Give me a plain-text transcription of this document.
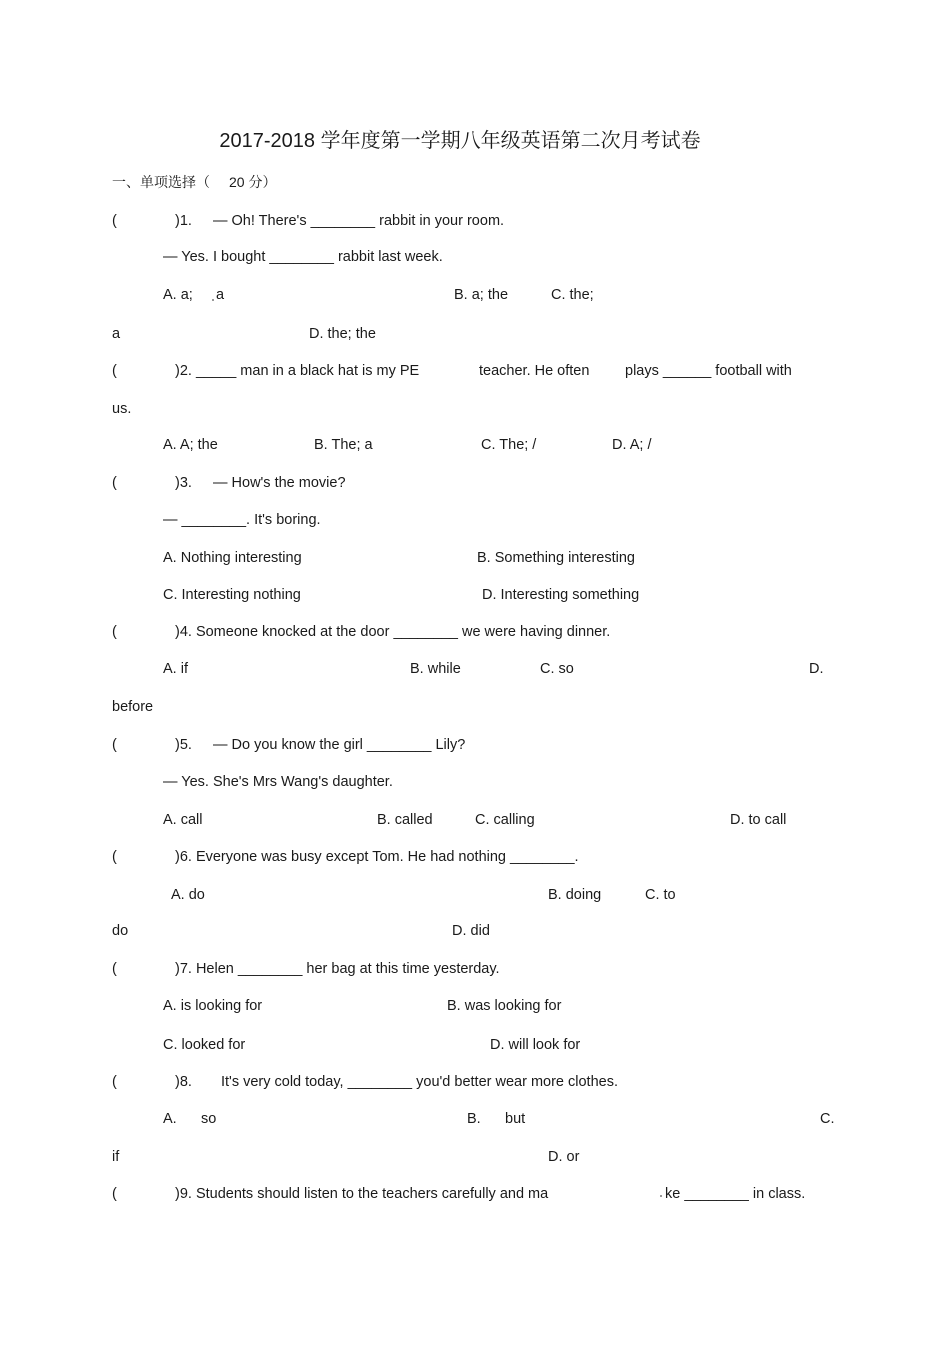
2017-2018 学年度第一学期八年级英语第二次月考试卷
一、单项选择（ 20 分）
(	)1. — Oh! There's ________ rabbit in your room.
— Yes. I bought ________ rabbit last week.
A. a; a	B. a; the	C. the;
a	D. the; the
(	)2. _____ man in a black hat is my PE	teacher. He often plays ______ football with
us.
A. A; the	B. The; a	C. The; /	D. A; /
(	)3. — How's the movie?
— ________. It's boring.
A. Nothing interesting	B. Something interesting
C. Interesting nothing	D. Interesting something
(	)4. Someone knocked at the door ________ we were having dinner.
A. if	B. while	C. so	D.
before
(	)5. — Do you know the girl ________ Lily?
— Yes. She's Mrs Wang's daughter.
A. call	B. called	C. calling	D. to call
(	)6. Everyone was busy except Tom. He had nothing ________.
A. do	B. doing	C. to
do	D. did
(	)7. Helen ________ her bag at this time yesterday.
A. is looking for	B. was looking for
C. looked for	D. will look for
(	)8. It's very cold today, ________ you'd better wear more clothes.
A. so	B. but	C.
if	D. or
(	)9. Students should listen to the teachers carefully and ma	ke ________ in class.
